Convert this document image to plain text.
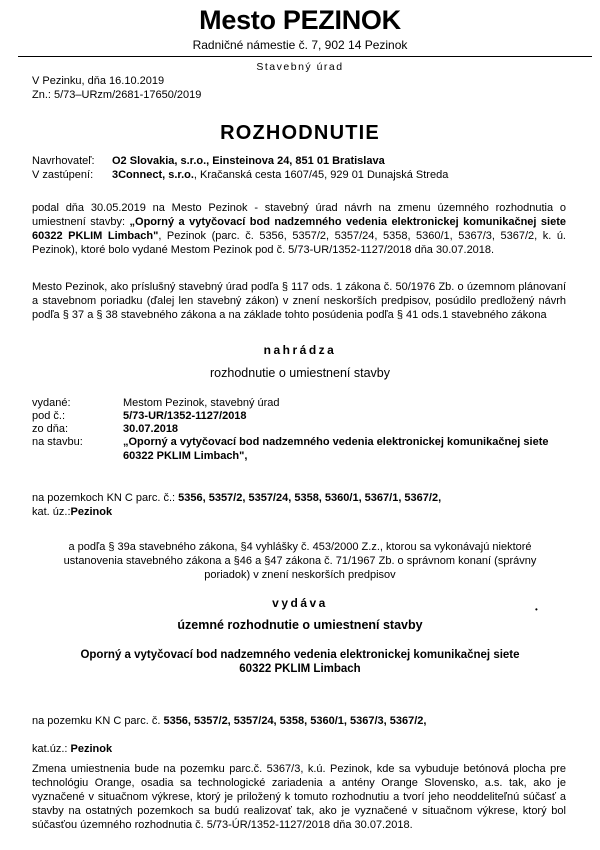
Mesto PEZINOK
Radničné námestie č. 7, 902 14 Pezinok
Stavebný úrad
V Pezinku, dňa 16.10.2019
Zn.: 5/73–URzm/2681-17650/2019
ROZHODNUTIE
Navrhovateľ: O2 Slovakia, s.r.o., Einsteinova 24, 851 01 Bratislava
V zastúpení: 3Connect, s.r.o., Kračanská cesta 1607/45, 929 01 Dunajská Streda
podal dňa 30.05.2019 na Mesto Pezinok - stavebný úrad návrh na zmenu územného rozhodnutia o umiestnení stavby: „Oporný a vytyčovací bod nadzemného vedenia elektronickej komunikačnej siete 60322 PKLIM Limbach", Pezinok (parc. č. 5356, 5357/2, 5357/24, 5358, 5360/1, 5367/3, 5367/2, k. ú. Pezinok), ktoré bolo vydané Mestom Pezinok pod č. 5/73-UR/1352-1127/2018 dňa 30.07.2018.
Mesto Pezinok, ako príslušný stavebný úrad podľa § 117 ods. 1 zákona č. 50/1976 Zb. o územnom plánovaní a stavebnom poriadku (ďalej len stavebný zákon) v znení neskorších predpisov, posúdilo predložený návrh podľa § 37 a § 38 stavebného zákona a na základe tohto posúdenia podľa § 41 ods.1 stavebného zákona
nahrádza
rozhodnutie o umiestnení stavby
vydané:	Mestom Pezinok, stavebný úrad
pod č.:	5/73-UR/1352-1127/2018
zo dňa:	30.07.2018
na stavbu:	„Oporný a vytyčovací bod nadzemného vedenia elektronickej komunikačnej siete 60322 PKLIM Limbach",
na pozemkoch KN C parc. č.: 5356, 5357/2, 5357/24, 5358, 5360/1, 5367/1, 5367/2,
kat. úz.:Pezinok
a podľa § 39a stavebného zákona, §4 vyhlášky č. 453/2000 Z.z., ktorou sa vykonávajú niektoré ustanovenia stavebného zákona a §46 a §47 zákona č. 71/1967 Zb. o správnom konaní (správny poriadok) v znení neskorších predpisov
vydáva	•
územné rozhodnutie o umiestnení stavby
Oporný a vytyčovací bod nadzemného vedenia elektronickej komunikačnej siete
60322 PKLIM Limbach
na pozemku KN C parc. č. 5356, 5357/2, 5357/24, 5358, 5360/1, 5367/3, 5367/2,
kat.úz.: Pezinok
Zmena umiestnenia bude na pozemku parc.č. 5367/3, k.ú. Pezinok, kde sa vybuduje betónová plocha pre technológiu Orange, osadia sa technologické zariadenia a antény Orange Slovensko, a.s. tak, ako je vyznačené v situačnom výkrese, ktorý je priložený k tomuto rozhodnutiu a tvorí jeho neoddeliteľnú súčasť a stavby na ostatných pozemkoch sa budú realizovať tak, ako je vyznačené v situačnom výkrese, ktorý bol súčasťou územného rozhodnutia č. 5/73-ÚR/1352-1127/2018 dňa 30.07.2018.
